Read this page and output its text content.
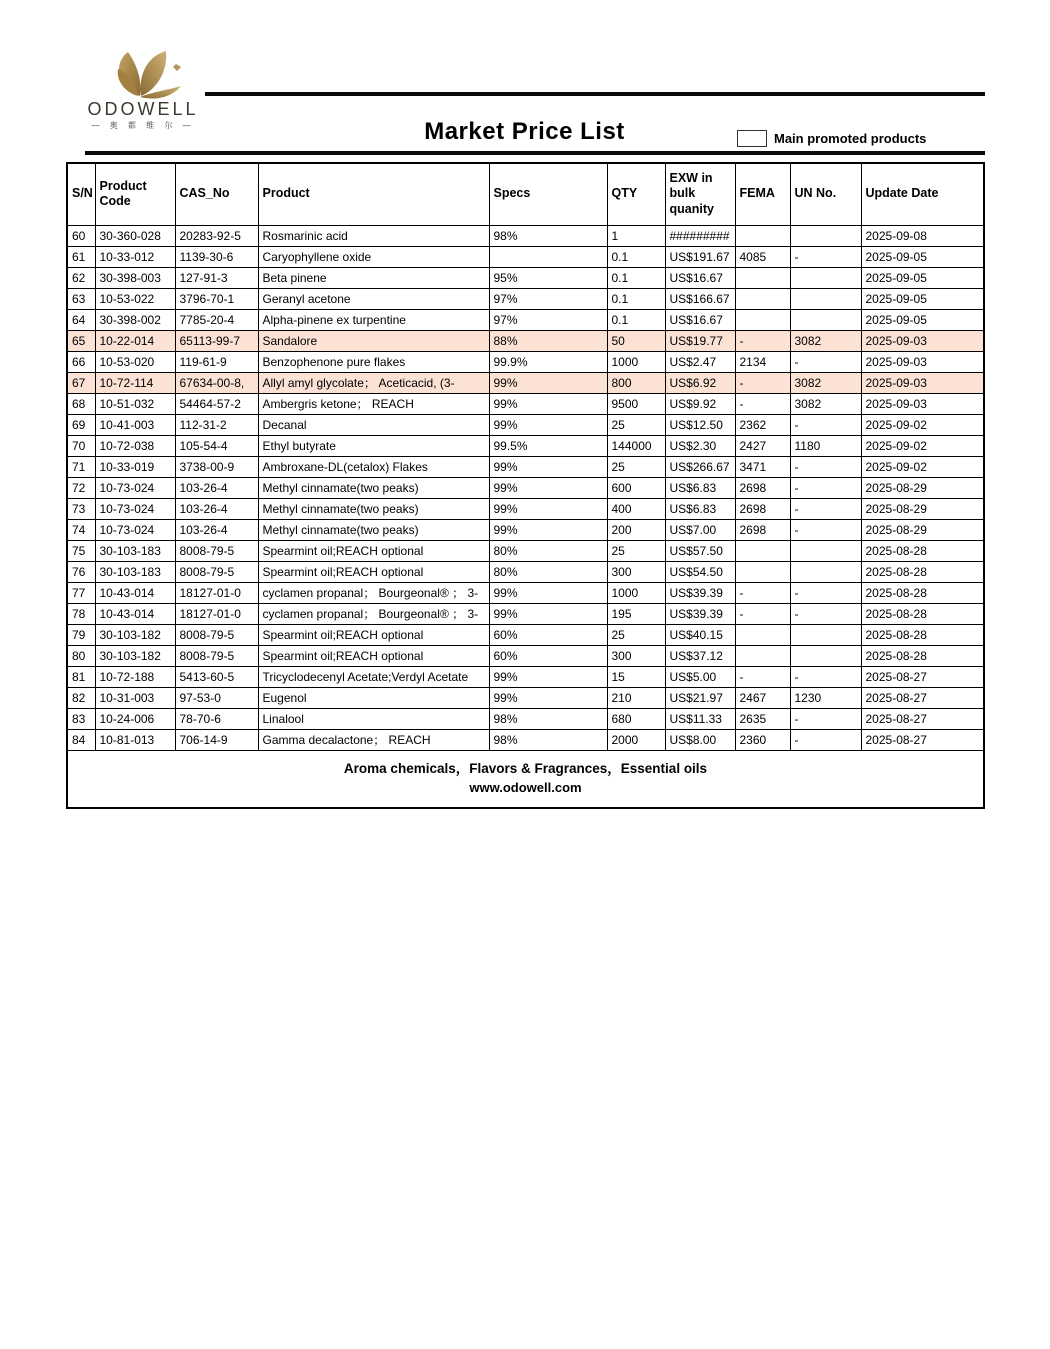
ODOWELL
— 奥 都 维 尔 —	Market Price List	Main promoted products
S/N	Product Code	CAS_No	Product	Specs	QTY	EXW in bulk quanity	FEMA	UN No.	Update Date
60	30-360-028	20283-92-5	Rosmarinic acid	98%	1	#########			2025-09-08
61	10-33-012	1139-30-6	Caryophyllene oxide		0.1	US$191.67	4085	-	2025-09-05
62	30-398-003	127-91-3	Beta pinene	95%	0.1	US$16.67			2025-09-05
63	10-53-022	3796-70-1	Geranyl acetone	97%	0.1	US$166.67			2025-09-05
64	30-398-002	7785-20-4	Alpha-pinene ex turpentine	97%	0.1	US$16.67			2025-09-05
65	10-22-014	65113-99-7	Sandalore	88%	50	US$19.77	-	3082	2025-09-03
66	10-53-020	119-61-9	Benzophenone pure flakes	99.9%	1000	US$2.47	2134	-	2025-09-03
67	10-72-114	67634-00-8,	Allyl amyl glycolate； Aceticacid, (3-	99%	800	US$6.92	-	3082	2025-09-03
68	10-51-032	54464-57-2	Ambergris ketone； REACH	99%	9500	US$9.92	-	3082	2025-09-03
69	10-41-003	112-31-2	Decanal	99%	25	US$12.50	2362	-	2025-09-02
70	10-72-038	105-54-4	Ethyl butyrate	99.5%	144000	US$2.30	2427	1180	2025-09-02
71	10-33-019	3738-00-9	Ambroxane-DL(cetalox) Flakes	99%	25	US$266.67	3471	-	2025-09-02
72	10-73-024	103-26-4	Methyl cinnamate(two peaks)	99%	600	US$6.83	2698	-	2025-08-29
73	10-73-024	103-26-4	Methyl cinnamate(two peaks)	99%	400	US$6.83	2698	-	2025-08-29
74	10-73-024	103-26-4	Methyl cinnamate(two peaks)	99%	200	US$7.00	2698	-	2025-08-29
75	30-103-183	8008-79-5	Spearmint oil;REACH optional	80%	25	US$57.50			2025-08-28
76	30-103-183	8008-79-5	Spearmint oil;REACH optional	80%	300	US$54.50			2025-08-28
77	10-43-014	18127-01-0	cyclamen propanal； Bourgeonal® ； 3-	99%	1000	US$39.39	-	-	2025-08-28
78	10-43-014	18127-01-0	cyclamen propanal； Bourgeonal® ； 3-	99%	195	US$39.39	-	-	2025-08-28
79	30-103-182	8008-79-5	Spearmint oil;REACH optional	60%	25	US$40.15			2025-08-28
80	30-103-182	8008-79-5	Spearmint oil;REACH optional	60%	300	US$37.12			2025-08-28
81	10-72-188	5413-60-5	Tricyclodecenyl Acetate;Verdyl Acetate	99%	15	US$5.00	-	-	2025-08-27
82	10-31-003	97-53-0	Eugenol	99%	210	US$21.97	2467	1230	2025-08-27
83	10-24-006	78-70-6	Linalool	98%	680	US$11.33	2635	-	2025-08-27
84	10-81-013	706-14-9	Gamma decalactone； REACH	98%	2000	US$8.00	2360	-	2025-08-27

Aroma chemicals，Flavors & Fragrances，Essential oils
www.odowell.com									
